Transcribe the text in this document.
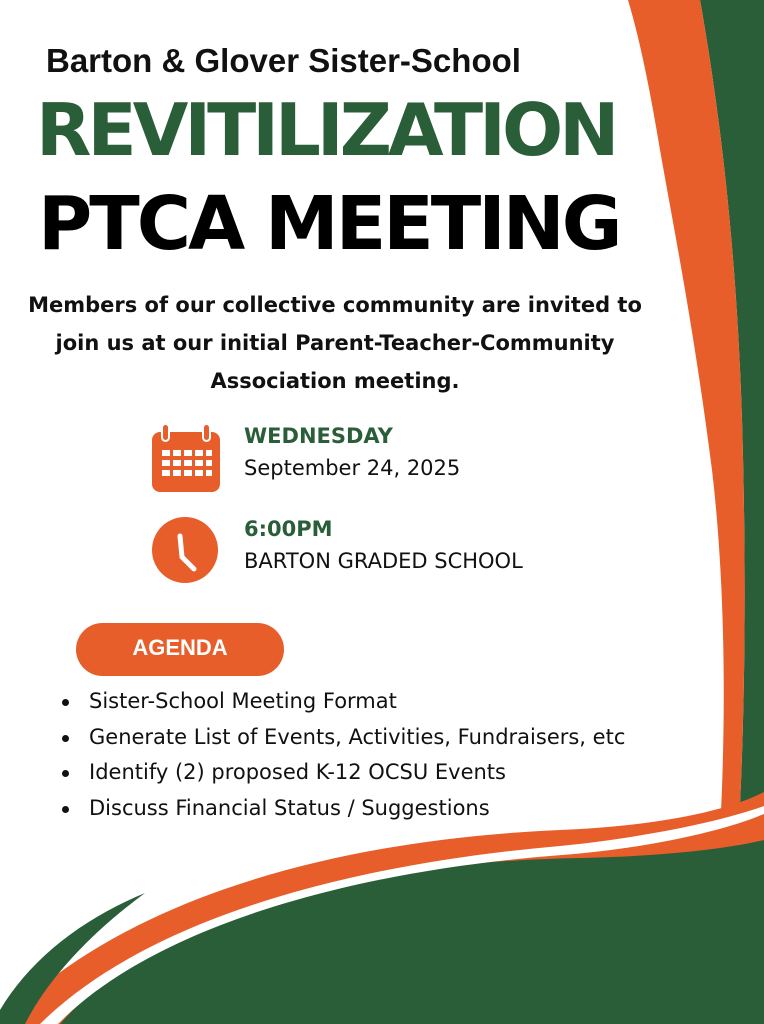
Barton & Glover Sister-School
REVITILIZATION
PTCA MEETING
Members of our collective community are invited to join us at our initial Parent-Teacher-Community Association meeting.
WEDNESDAY
September 24, 2025
6:00PM
BARTON GRADED SCHOOL
AGENDA
Sister-School Meeting Format
Generate List of Events, Activities, Fundraisers, etc
Identify (2) proposed K-12 OCSU Events
Discuss Financial Status / Suggestions
